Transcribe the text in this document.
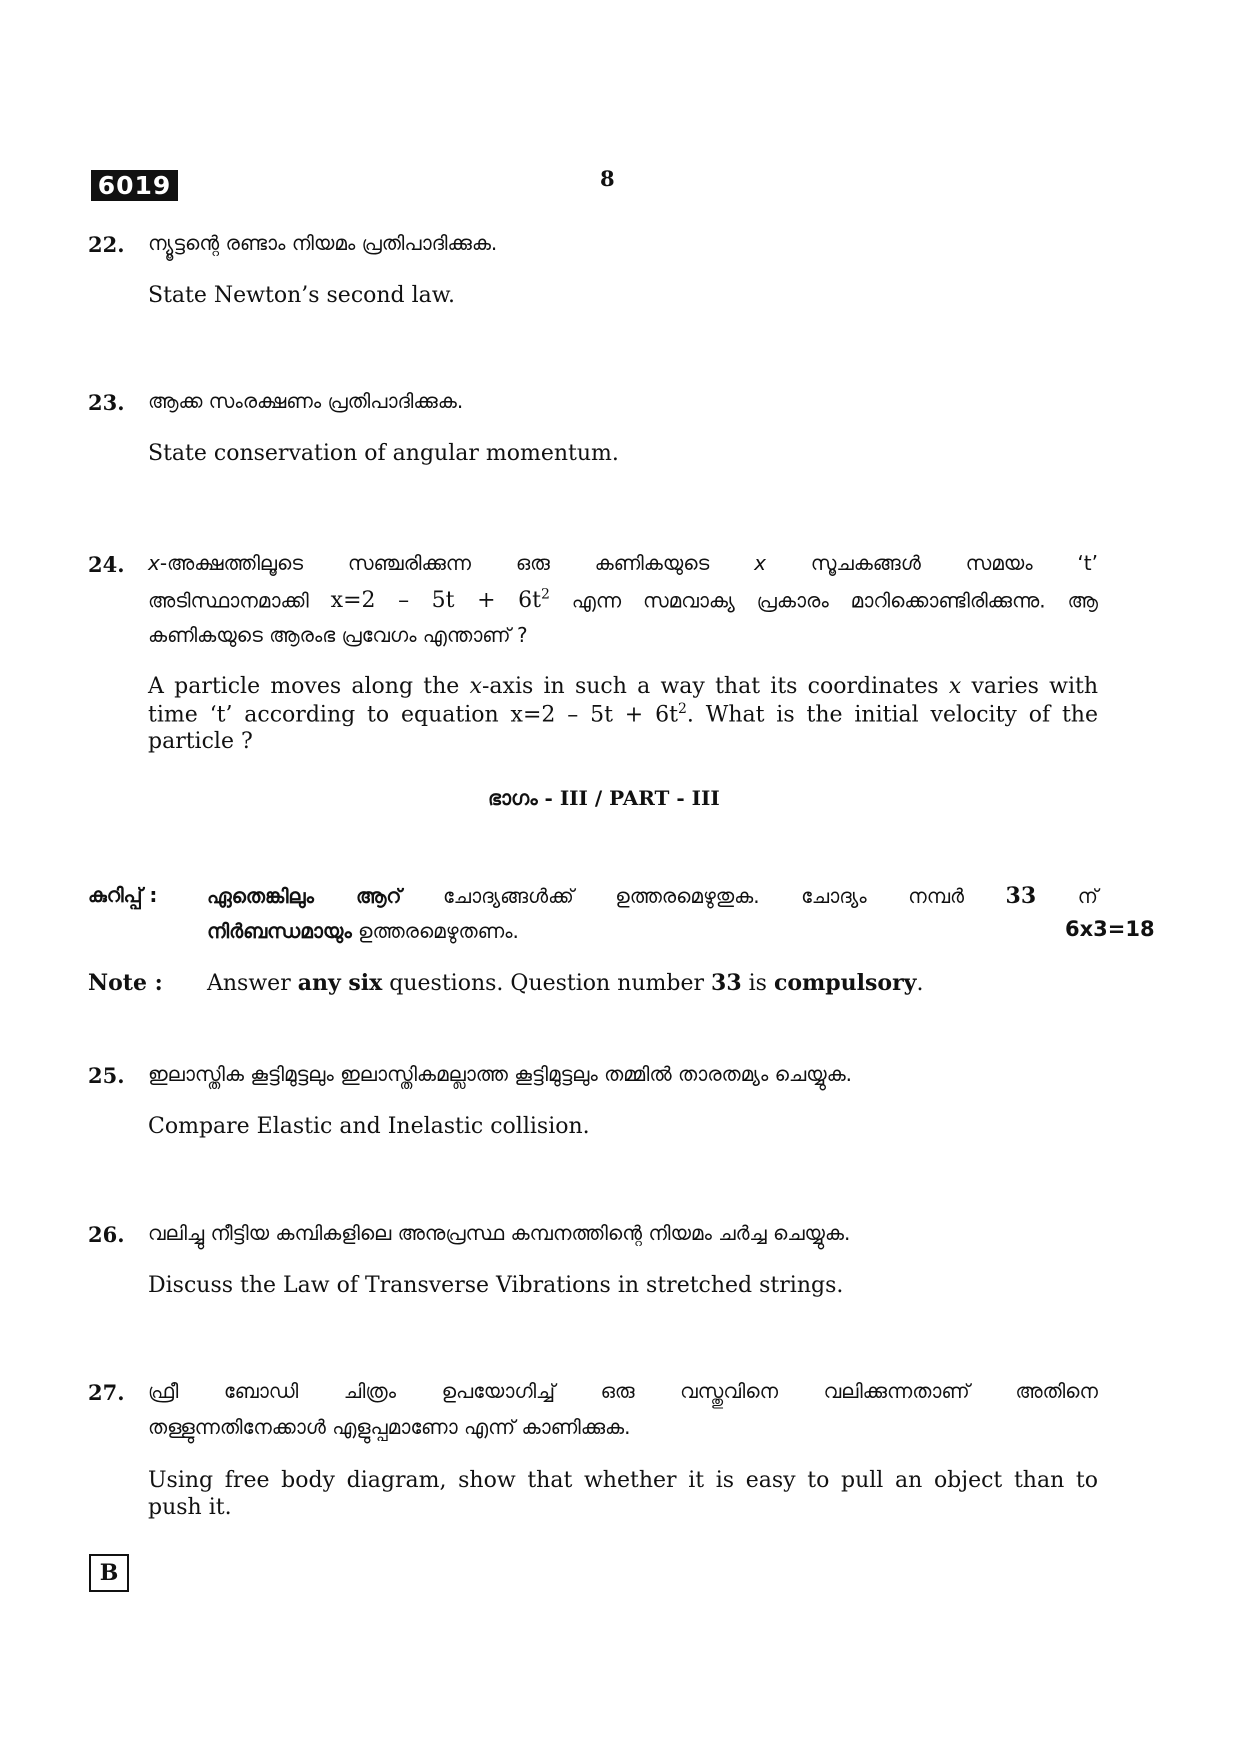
6019	8
22. ന്യൂട്ടന്റെ രണ്ടാം നിയമം പ്രതിപാദിക്കുക.
State Newton’s second law.
23. ആക്ക സംരക്ഷണം പ്രതിപാദിക്കുക.
State conservation of angular momentum.
24. x-അക്ഷത്തിലൂടെ സഞ്ചരിക്കുന്ന ഒരു കണികയുടെ x സൂചകങ്ങൾ സമയം ‘t’
അടിസ്ഥാനമാക്കി $x=2 - 5t + 6t^2$ എന്ന സമവാക്യ പ്രകാരം മാറിക്കൊണ്ടിരിക്കുന്നു. ആ
കണികയുടെ ആരംഭ പ്രവേഗം എന്താണ് ?
A particle moves along the x-axis in such a way that its coordinates x varies with
time ‘t’ according to equation $x=2 - 5t + 6t^2$. What is the initial velocity of the
particle ?
ഭാഗം - III / PART - III
കുറിപ്പ് : ഏതെങ്കിലും ആറ് ചോദ്യങ്ങൾക്ക് ഉത്തരമെഴുതുക. ചോദ്യം നമ്പർ 33 ന്
നിർബന്ധമായും ഉത്തരമെഴുതണം.	6x3=18
Note : Answer any six questions. Question number 33 is compulsory.
25. ഇലാസ്തിക കൂട്ടിമുട്ടലും ഇലാസ്തികമല്ലാത്ത കൂട്ടിമുട്ടലും തമ്മിൽ താരതമ്യം ചെയ്യുക.
Compare Elastic and Inelastic collision.
26. വലിച്ചു നീട്ടിയ കമ്പികളിലെ അനുപ്രസ്ഥ കമ്പനത്തിന്റെ നിയമം ചർച്ച ചെയ്യുക.
Discuss the Law of Transverse Vibrations in stretched strings.
27. ഫ്രീ ബോഡി ചിത്രം ഉപയോഗിച്ച് ഒരു വസ്തുവിനെ വലിക്കുന്നതാണ് അതിനെ
തള്ളുന്നതിനേക്കാൾ എളുപ്പമാണോ എന്ന് കാണിക്കുക.
Using free body diagram, show that whether it is easy to pull an object than to
push it.
B
